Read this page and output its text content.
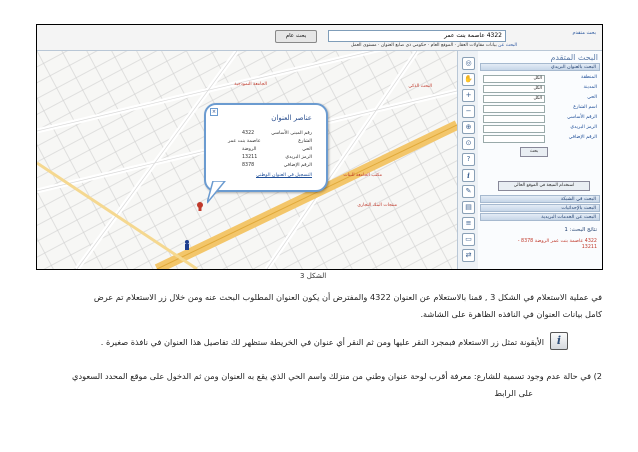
4322 عاصمة بنت عمر
بحث عام
البحث عن بيانات مقاولات العقار · الموقع العام · حكومي ذي ضابع العنوان · مستوى العمل
بحث متقدم
الجامعة النموذجية	البحث الذكي
مكتب الجامعة للبنات
منتجات البنك التجاري
×
عناصر العنوان
رقم المبنى الأساسي
4322
الشارع
عاصمة بنت عمر
الحي
الروضة
الرمز البريدي
13211
الرقم الإضافي
8378
التسجيل في العنوان الوطني
◎
✋
+
−
⊕
⊙
?
i
✎
▤
≡
▭
⇄
البحث المتقدم
البحث بالعنوان البريدي
المنطقة
الكل
المدينة
الكل
الحي
الكل
اسم الشارع
الرقم الأساسي
الرمز البريدي
الرقم الإضافي
بحث
استخدام النتيجة في الموقع الحالي
البحث في الشبكة
البحث بالإحداثيات
البحث عن الخدمات البريدية
نتائج البحث: 1
4322 عاصمة بنت عمر الروضة 8378 - 13211
الشكل 3
في عملية الاستعلام في الشكل 3 , قمنا بالاستعلام عن العنوان 4322 والمفترض أن يكون العنوان المطلوب البحث عنه ومن خلال زر الاستعلام تم عرض
كامل بيانات العنوان في النافذه الظاهرة على الشاشة.
i
الأيقونة تمثل زر الاستعلام فبمجرد النقر عليها ومن ثم النقر أي عنوان في الخريطة ستظهر لك تفاصيل هذا العنوان في نافذة صغيرة .
2) في حالة عدم وجود تسمية للشارع: معرفة أقرب لوحة عنوان وطني من منزلك واسم الحي الذي يقع به العنوان ومن ثم الدخول على موقع المحدد السعودي
على الرابط
